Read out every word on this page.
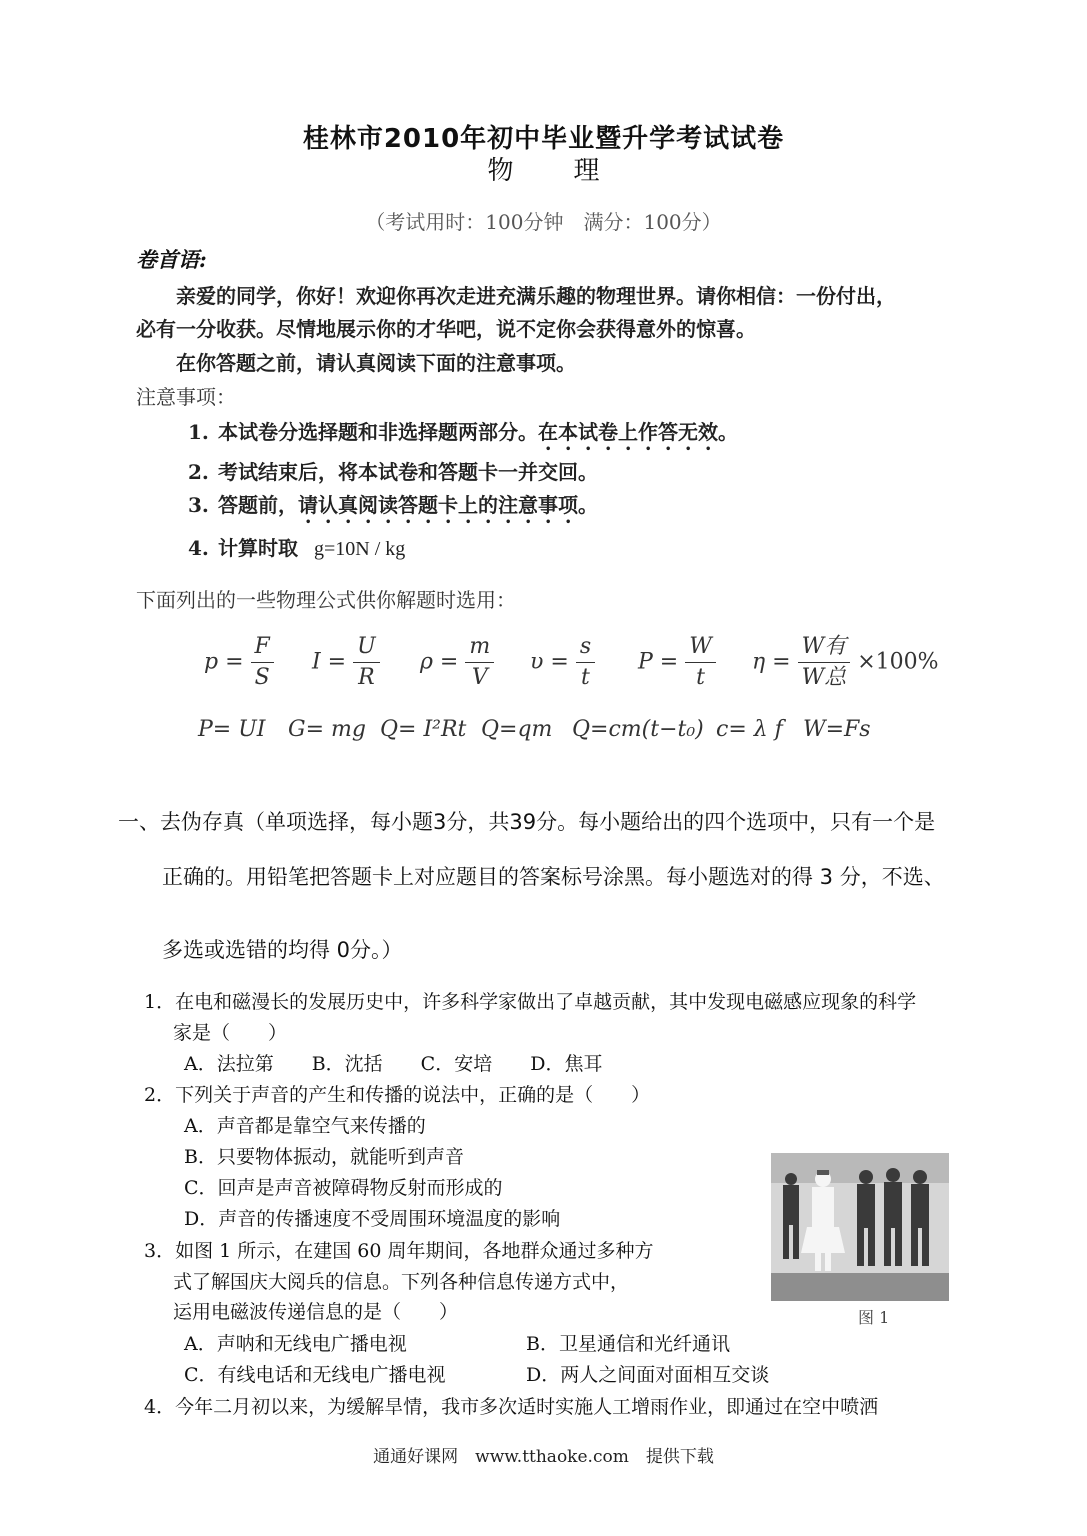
桂林市2010年初中毕业暨升学考试试卷
物理
（考试用时：100分钟　满分：100分）
卷首语:
亲爱的同学，你好！欢迎你再次走进充满乐趣的物理世界。请你相信：一份付出，
必有一分收获。尽情地展示你的才华吧，说不定你会获得意外的惊喜。
在你答题之前，请认真阅读下面的注意事项。
注意事项：
1. 本试卷分选择题和非选择题两部分。在本试卷上作答无效。
2. 考试结束后，将本试卷和答题卡一并交回。
3. 答题前，请认真阅读答题卡上的注意事项。
4. 计算时取 g=10N / kg
下面列出的一些物理公式供你解题时选用：
$p = \frac{F}{S}$ $I = \frac{U}{R}$ $\rho = \frac{m}{V}$ $\upsilon = \frac{s}{t}$ $P = \frac{W}{t}$ $\eta = \frac{\text{W有}}{\text{W总}} \times 100\%$
P= UI G= mg Q= I²Rt Q=qm Q=cm(t−t₀) c= λ f W=Fs
一、去伪存真（单项选择，每小题3分，共39分。每小题给出的四个选项中，只有一个是
正确的。用铅笔把答题卡上对应题目的答案标号涂黑。每小题选对的得 3 分，不选、
多选或选错的均得 0分。）
1．在电和磁漫长的发展历史中，许多科学家做出了卓越贡献，其中发现电磁感应现象的科学
家是（　　）
A．法拉第　　B．沈括　　C．安培　　D．焦耳
2．下列关于声音的产生和传播的说法中，正确的是（　　）
A．声音都是靠空气来传播的
B．只要物体振动，就能听到声音
C．回声是声音被障碍物反射而形成的
D．声音的传播速度不受周围环境温度的影响
3．如图 1 所示，在建国 60 周年期间，各地群众通过多种方
式了解国庆大阅兵的信息。下列各种信息传递方式中，
运用电磁波传递信息的是（　　）
A．声呐和无线电广播电视	B．卫星通信和光纤通讯
C．有线电话和无线电广播电视	D．两人之间面对面相互交谈
4．今年二月初以来，为缓解旱情，我市多次适时实施人工增雨作业，即通过在空中喷洒
图 1
通通好课网　www.tthaoke.com　提供下载
